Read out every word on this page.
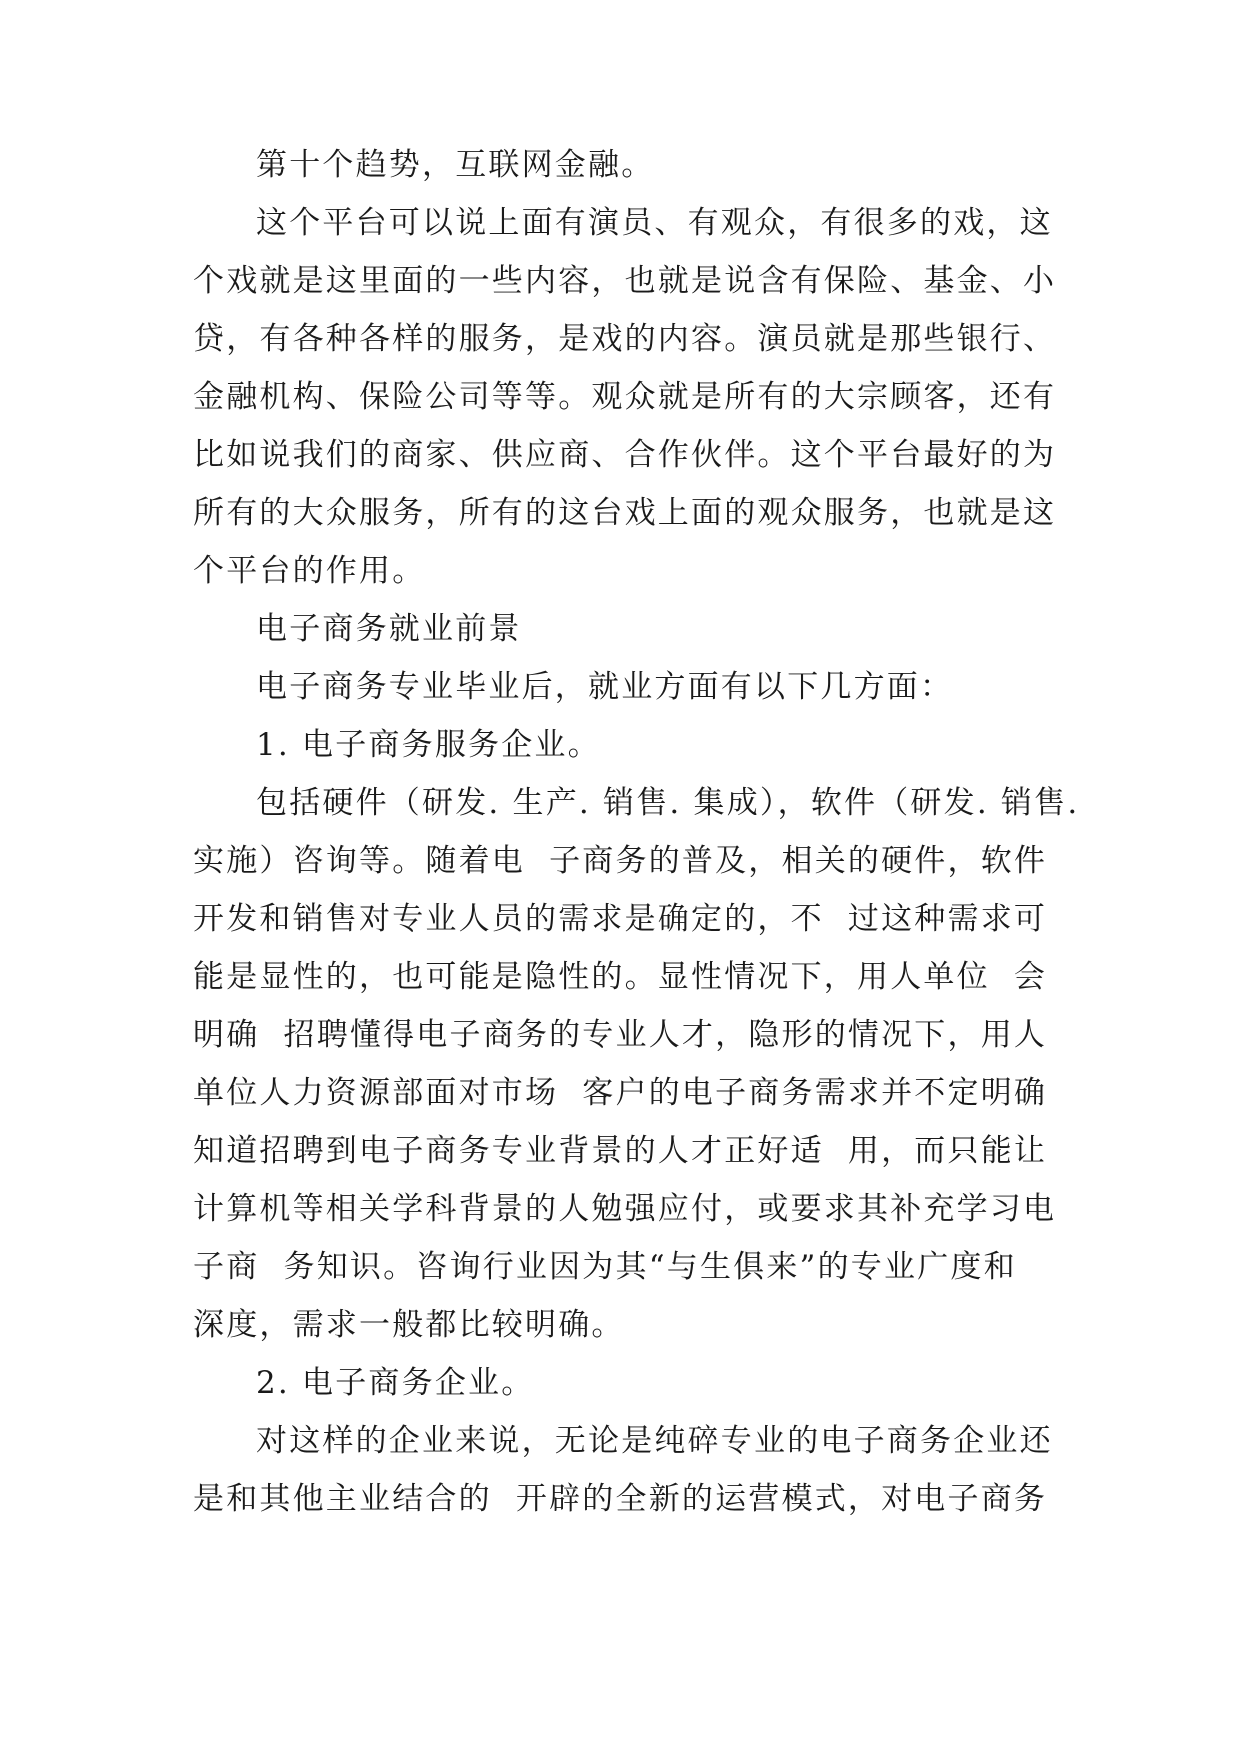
第十个趋势，互联网金融。
这个平台可以说上面有演员、有观众，有很多的戏，这
个戏就是这里面的一些内容，也就是说含有保险、基金、小
贷，有各种各样的服务，是戏的内容。演员就是那些银行、
金融机构、保险公司等等。观众就是所有的大宗顾客，还有
比如说我们的商家、供应商、合作伙伴。这个平台最好的为
所有的大众服务，所有的这台戏上面的观众服务，也就是这
个平台的作用。
电子商务就业前景
电子商务专业毕业后，就业方面有以下几方面：
1. 电子商务服务企业。
包括硬件（研发. 生产. 销售. 集成），软件（研发. 销售.
实施）咨询等。随着电  子商务的普及，相关的硬件，软件
开发和销售对专业人员的需求是确定的，不  过这种需求可
能是显性的，也可能是隐性的。显性情况下，用人单位  会
明确  招聘懂得电子商务的专业人才，隐形的情况下，用人
单位人力资源部面对市场  客户的电子商务需求并不定明确
知道招聘到电子商务专业背景的人才正好适  用，而只能让
计算机等相关学科背景的人勉强应付，或要求其补充学习电
子商  务知识。咨询行业因为其“与生俱来”的专业广度和
深度，需求一般都比较明确。
2. 电子商务企业。
对这样的企业来说，无论是纯碎专业的电子商务企业还
是和其他主业结合的  开辟的全新的运营模式，对电子商务
